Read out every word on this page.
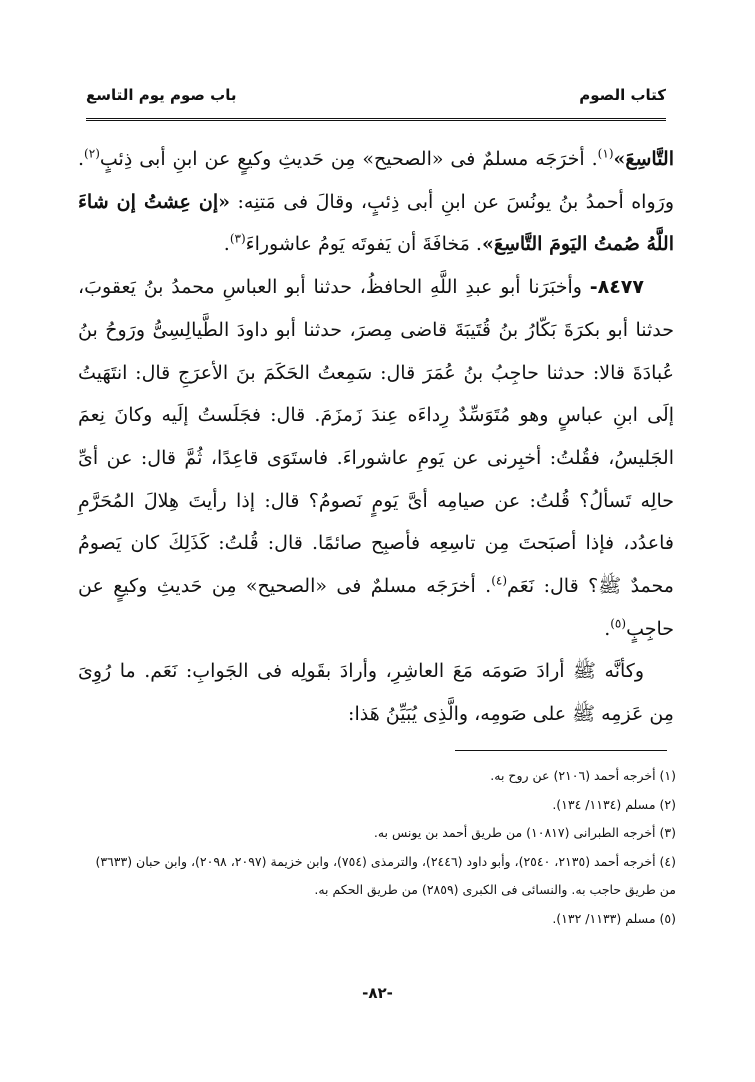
باب صوم يوم التاسع	كتاب الصوم

التَّاسِعَ»$^{(١)}$. أخرَجَه مسلمٌ فى «الصحيح» مِن حَديثِ وكيعٍ عن ابنِ أبى ذِئبٍ$^{(٢)}$. ورَواه أحمدُ بنُ يونُسَ عن ابنِ أبى ذِئبٍ، وقالَ فى مَتنِه: «إن عِشتُ إن شاءَ اللَّهُ صُمتُ اليَومَ التَّاسِعَ». مَخافَةَ أن يَفوتَه يَومُ عاشوراءَ$^{(٣)}$.

٨٤٧٧- وأخبَرَنا أبو عبدِ اللَّهِ الحافظُ، حدثنا أبو العباسِ محمدُ بنُ يَعقوبَ، حدثنا أبو بكرَةَ بَكّارُ بنُ قُتَيبَةَ قاضى مِصرَ، حدثنا أبو داودَ الطَّيالِسِىُّ ورَوحُ بنُ عُبادَةَ قالا: حدثنا حاجِبُ بنُ عُمَرَ قال: سَمِعتُ الحَكَمَ بنَ الأعرَجِ قال: انتَهَيتُ إلَى ابنِ عباسٍ وهو مُتَوَسِّدٌ رِداءَه عِندَ زَمزَمَ. قال: فجَلَستُ إلَيه وكانَ نِعمَ الجَليسُ، فقُلتُ: أخبِرنى عن يَومِ عاشوراءَ. فاستَوَى قاعِدًا، ثُمَّ قال: عن أىِّ حالِه تَسألُ؟ قُلتُ: عن صيامِه أىَّ يَومٍ نَصومُ؟ قال: إذا رأيتَ هِلالَ المُحَرَّمِ فاعدُد، فإذا أصبَحتَ مِن تاسِعِه فأصبِح صائمًا. قال: قُلتُ: كَذَلِكَ كان يَصومُ محمدٌ ﷺ؟ قال: نَعَم$^{(٤)}$. أخرَجَه مسلمٌ فى «الصحيح» مِن حَديثِ وكيعٍ عن حاجِبٍ$^{(٥)}$.

وكأنَّه ﷺ أرادَ صَومَه مَعَ العاشِرِ، وأرادَ بقَولِه فى الجَوابِ: نَعَم. ما رُوِىَ مِن عَزمِه ﷺ على صَومِه، والَّذِى يُبَيِّنُ هَذا:

(١) أخرجه أحمد (٢١٠٦) عن روح به.

(٢) مسلم (١١٣٤/ ١٣٤).

(٣) أخرجه الطبرانى (١٠٨١٧) من طريق أحمد بن يونس به.

(٤) أخرجه أحمد (٢١٣٥، ٢٥٤٠)، وأبو داود (٢٤٤٦)، والترمذى (٧٥٤)، وابن خزيمة (٢٠٩٧، ٢٠٩٨)، وابن حبان (٣٦٣٣) من طريق حاجب به. والنسائى فى الكبرى (٢٨٥٩) من طريق الحكم به.

(٥) مسلم (١١٣٣/ ١٣٢).

-٨٢-
